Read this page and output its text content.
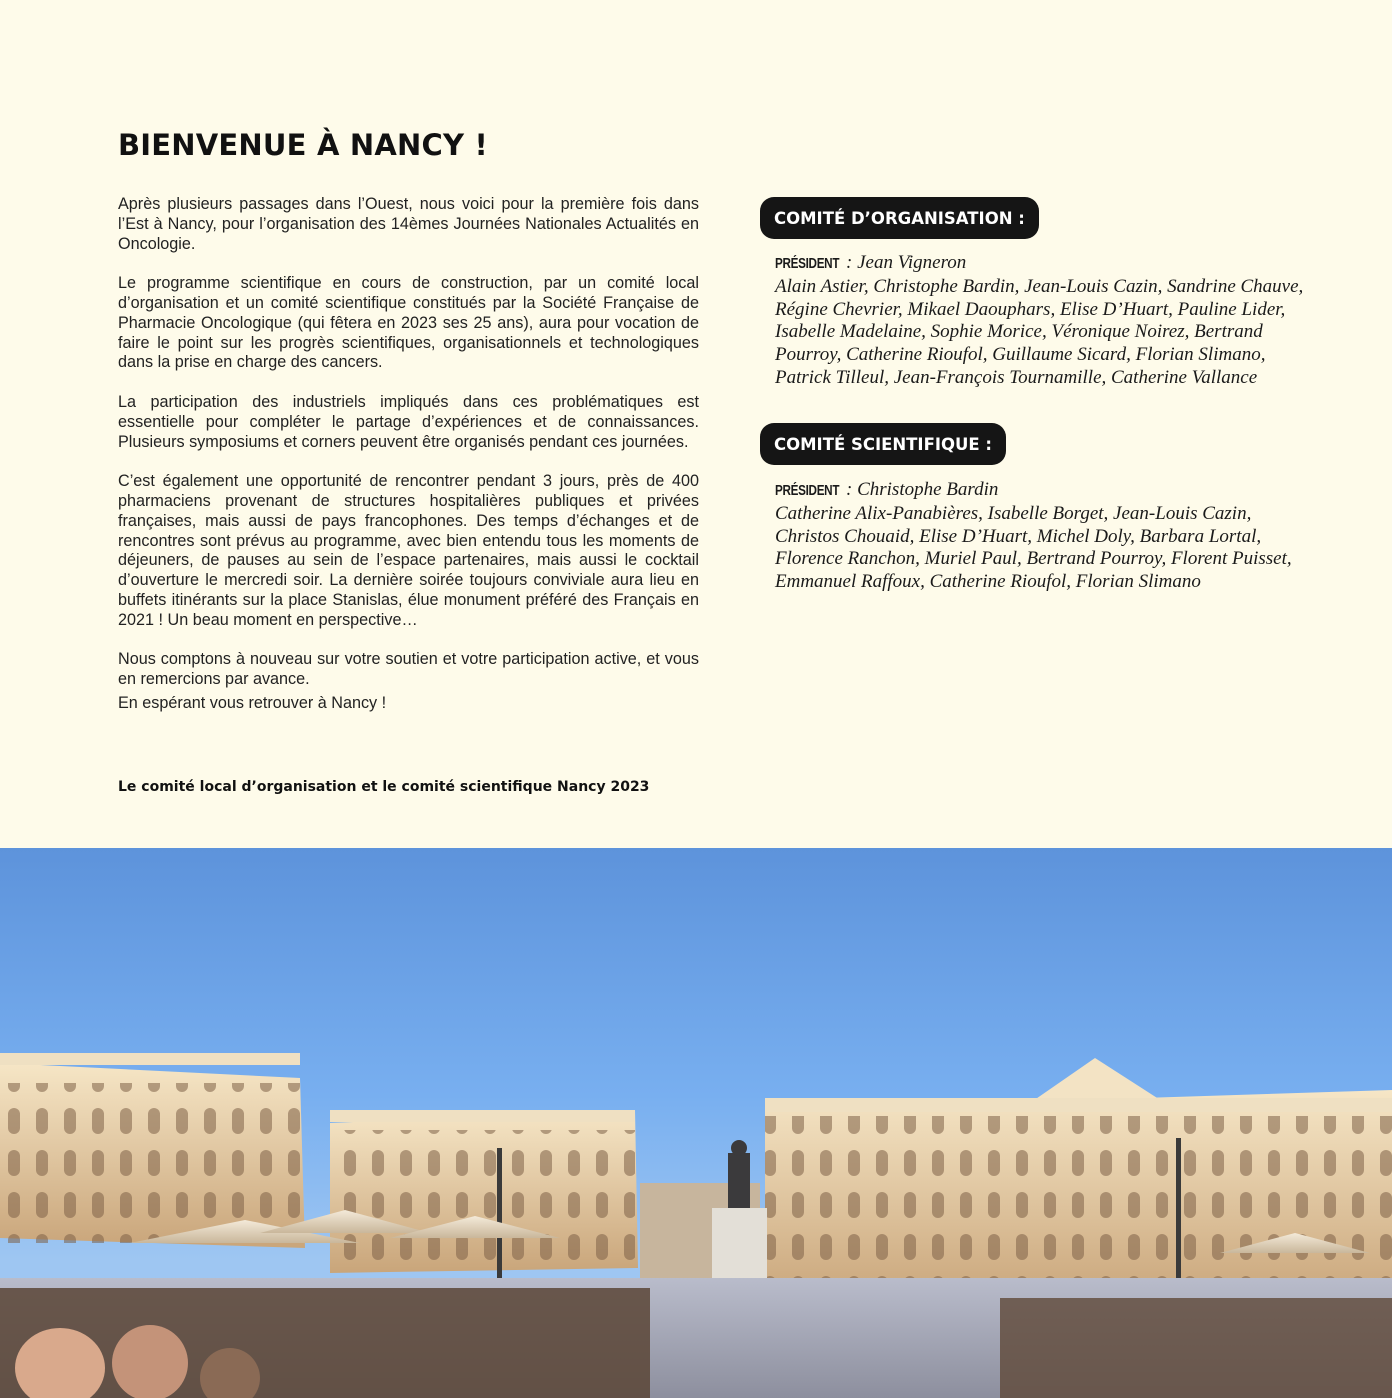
BIENVENUE À NANCY !

Après plusieurs passages dans l’Ouest, nous voici pour la première fois dans l’Est à Nancy, pour l’organisation des 14èmes Journées Nationales Actualités en Oncologie.

Le programme scientifique en cours de construction, par un comité local d’organisation et un comité scientifique constitués par la Société Française de Pharmacie Oncologique (qui fêtera en 2023 ses 25 ans), aura pour vocation de faire le point sur les progrès scientifiques, organisationnels et technologiques dans la prise en charge des cancers.

La participation des industriels impliqués dans ces problématiques est essentielle pour compléter le partage d’expériences et de connaissances. Plusieurs symposiums et corners peuvent être organisés pendant ces journées.

C’est également une opportunité de rencontrer pendant 3 jours, près de 400 pharmaciens provenant de structures hospitalières publiques et privées françaises, mais aussi de pays francophones. Des temps d’échanges et de rencontres sont prévus au programme, avec bien entendu tous les moments de déjeuners, de pauses au sein de l’espace partenaires, mais aussi le cocktail d’ouverture le mercredi soir. La dernière soirée toujours conviviale aura lieu en buffets itinérants sur la place Stanislas, élue monument préféré des Français en 2021 ! Un beau moment en perspective…

Nous comptons à nouveau sur votre soutien et votre participation active, et vous en remercions par avance.

En espérant vous retrouver à Nancy !

Le comité local d’organisation et le comité scientifique Nancy 2023
COMITÉ D’ORGANISATION :
PRÉSIDENT : Jean Vigneron
Alain Astier, Christophe Bardin, Jean-Louis Cazin, Sandrine Chauve, Régine Chevrier, Mikael Daouphars, Elise D’Huart, Pauline Lider, Isabelle Madelaine, Sophie Morice, Véronique Noirez, Bertrand Pourroy, Catherine Rioufol, Guillaume Sicard, Florian Slimano, Patrick Tilleul, Jean-François Tournamille, Catherine Vallance
COMITÉ SCIENTIFIQUE :
PRÉSIDENT : Christophe Bardin
Catherine Alix-Panabières, Isabelle Borget, Jean-Louis Cazin, Christos Chouaid, Elise D’Huart, Michel Doly, Barbara Lortal, Florence Ranchon, Muriel Paul, Bertrand Pourroy, Florent Puisset, Emmanuel Raffoux, Catherine Rioufol, Florian Slimano
